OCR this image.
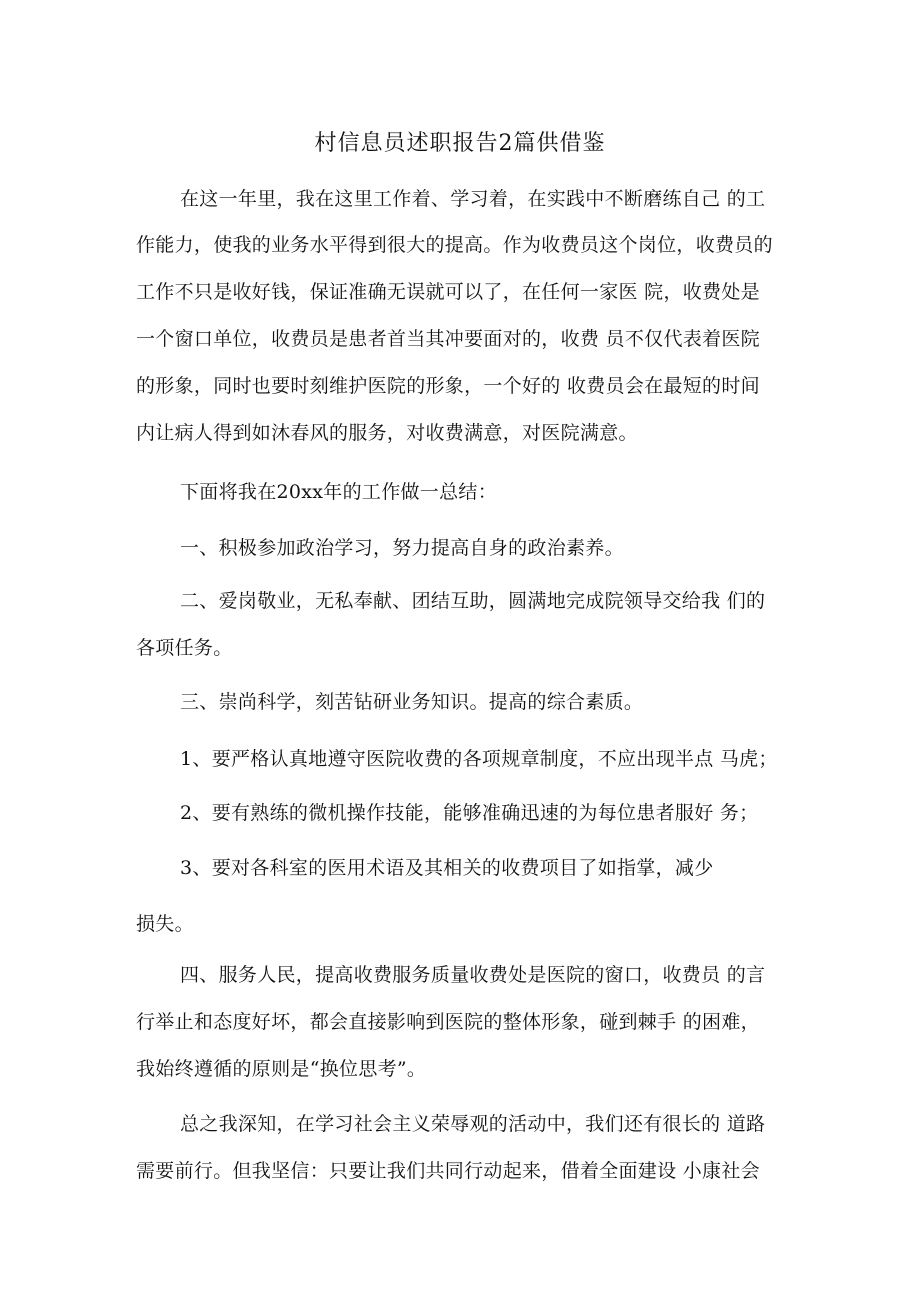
村信息员述职报告2篇供借鉴
在这一年里，我在这里工作着、学习着，在实践中不断磨练自己 的工
作能力，使我的业务水平得到很大的提高。作为收费员这个岗位，收费员的
工作不只是收好钱，保证准确无误就可以了，在任何一家医 院，收费处是
一个窗口单位，收费员是患者首当其冲要面对的，收费 员不仅代表着医院
的形象，同时也要时刻维护医院的形象，一个好的 收费员会在最短的时间
内让病人得到如沐春风的服务，对收费满意，对医院满意。
下面将我在20xx年的工作做一总结：
一、积极参加政治学习，努力提高自身的政治素养。
二、爱岗敬业，无私奉献、团结互助，圆满地完成院领导交给我 们的
各项任务。
三、崇尚科学，刻苦钻研业务知识。提高的综合素质。
1、要严格认真地遵守医院收费的各项规章制度，不应出现半点 马虎；
2、要有熟练的微机操作技能，能够准确迅速的为每位患者服好 务；
3、要对各科室的医用术语及其相关的收费项目了如指掌，减少
损失。
四、服务人民，提高收费服务质量收费处是医院的窗口，收费员 的言
行举止和态度好坏，都会直接影响到医院的整体形象，碰到棘手 的困难，
我始终遵循的原则是“换位思考”。
总之我深知，在学习社会主义荣辱观的活动中，我们还有很长的 道路
需要前行。但我坚信：只要让我们共同行动起来，借着全面建设 小康社会
